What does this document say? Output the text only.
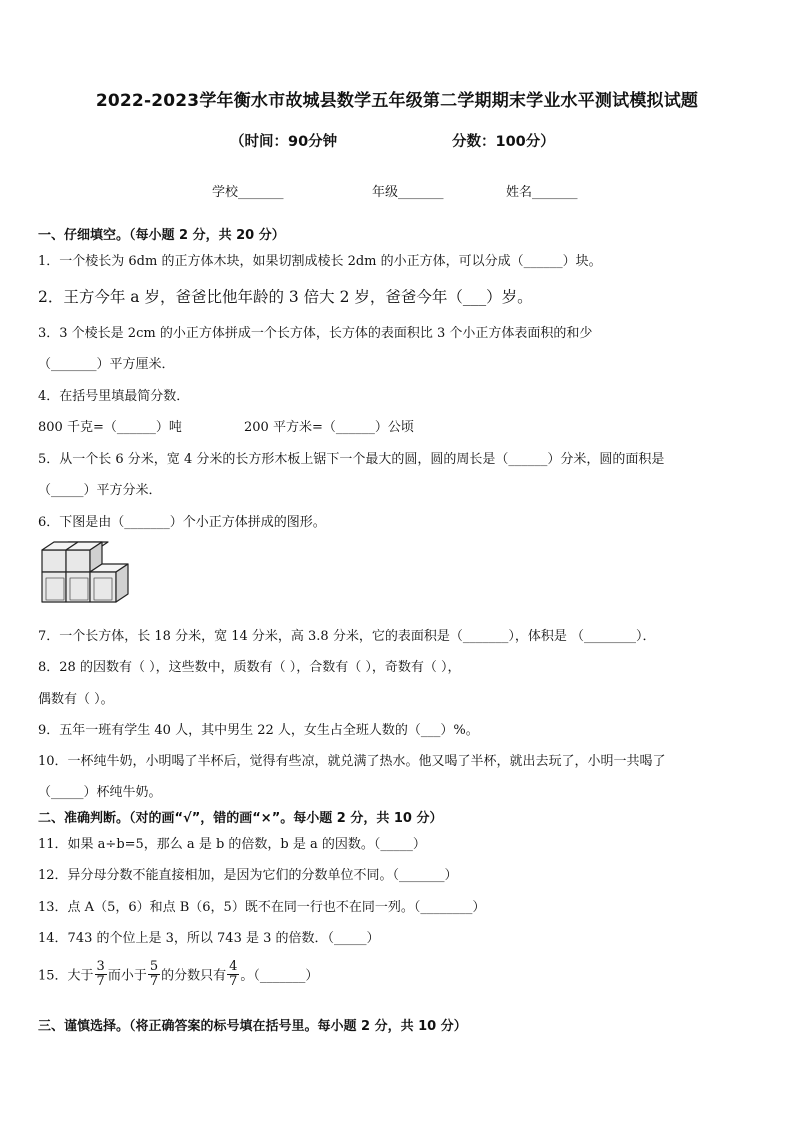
2022-2023学年衡水市故城县数学五年级第二学期期末学业水平测试模拟试题
（时间：90分钟	分数：100分）
学校_______	年级_______	姓名_______
一、仔细填空。（每小题 2 分，共 20 分）
1．一个棱长为 6dm 的正方体木块，如果切割成棱长 2dm 的小正方体，可以分成（______）块。
2．王方今年 a 岁，爸爸比他年龄的 3 倍大 2 岁，爸爸今年（___）岁。
3．3 个棱长是 2cm 的小正方体拼成一个长方体，长方体的表面积比 3 个小正方体表面积的和少
（_______）平方厘米．
4．在括号里填最简分数．
800 千克=（______）吨	200 平方米=（______）公顷
5．从一个长 6 分米，宽 4 分米的长方形木板上锯下一个最大的圆，圆的周长是（______）分米，圆的面积是
（_____）平方分米．
6．下图是由（_______）个小正方体拼成的图形。
7．一个长方体，长 18 分米，宽 14 分米，高 3.8 分米，它的表面积是（_______），体积是 （________）．
8．28 的因数有（ ），这些数中，质数有（ ），合数有（ ），奇数有（ ），
偶数有（ ）。
9．五年一班有学生 40 人，其中男生 22 人，女生占全班人数的（___）%。
10．一杯纯牛奶，小明喝了半杯后，觉得有些凉，就兑满了热水。他又喝了半杯，就出去玩了，小明一共喝了
（_____）杯纯牛奶。
二、准确判断。（对的画“√”，错的画“×”。每小题 2 分，共 10 分）
11．如果 a÷b=5，那么 a 是 b 的倍数，b 是 a 的因数。（_____）
12．异分母分数不能直接相加，是因为它们的分数单位不同。（_______）
13．点 A（5，6）和点 B（6，5）既不在同一行也不在同一列。（________）
14．743 的个位上是 3，所以 743 是 3 的倍数．（_____）
15．大于 $\frac{3}{7}$ 而小于 $\frac{5}{7}$ 的分数只有 $\frac{4}{7}$ 。（_______）
三、谨慎选择。（将正确答案的标号填在括号里。每小题 2 分，共 10 分）
